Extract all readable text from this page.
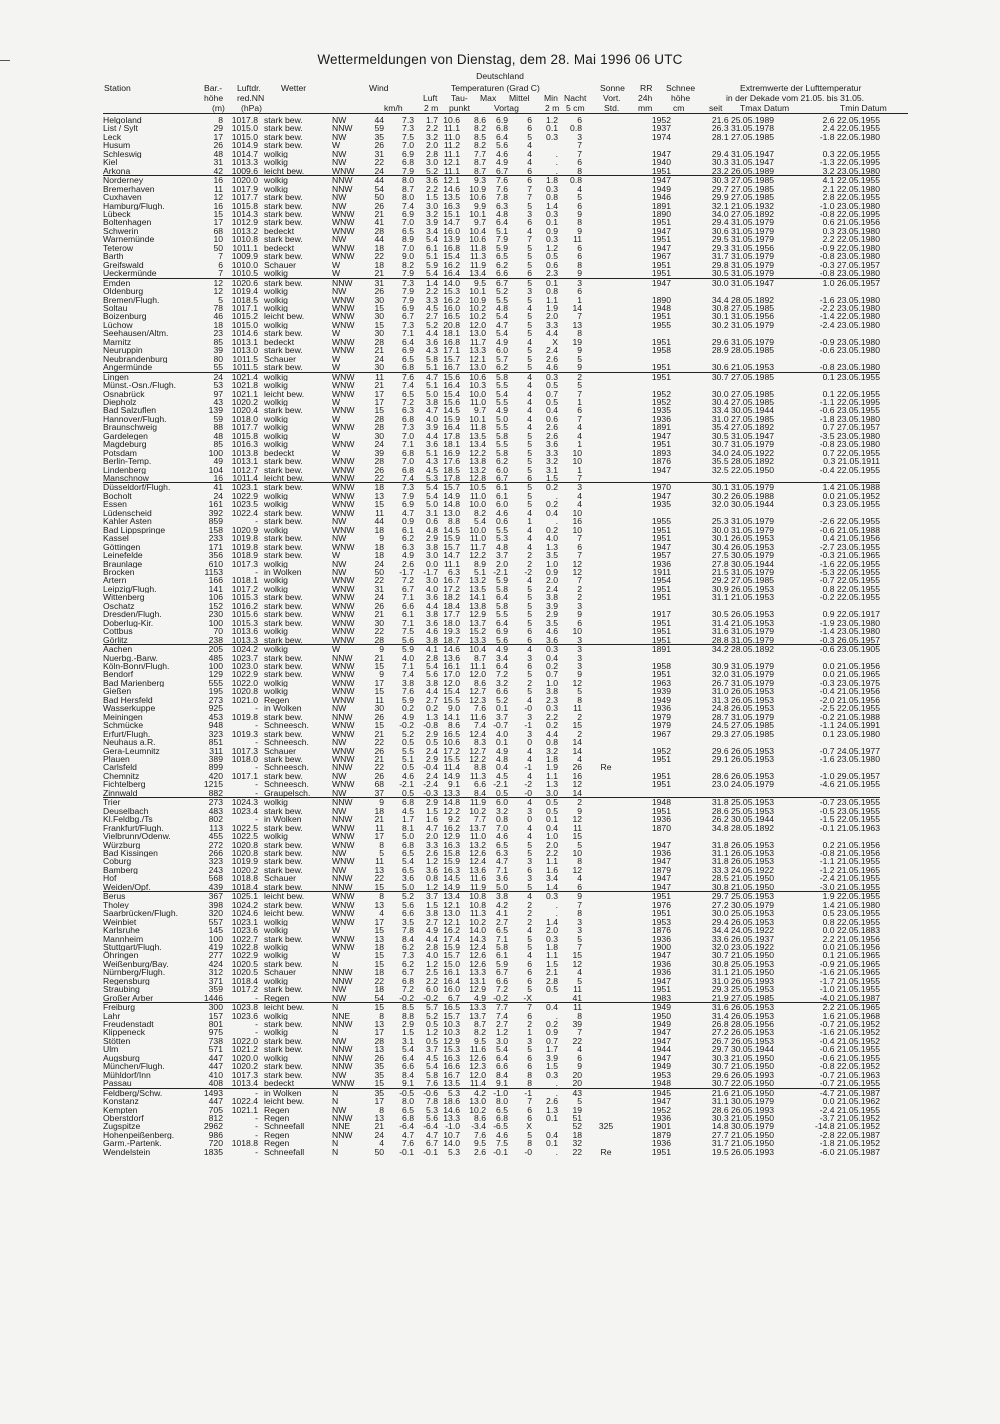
Wettermeldungen von Dienstag, dem 28. Mai 1996 06 UTC
Deutschland
Station	Bar.-
höhe
(m)
Luftdr.
red.NN
(hPa)
Wetter	Wind
km/h
Temperaturen (Grad C)
Luft
2 m
Tau-
punkt
Max Mittel
Vortag
Min
2 m
Nacht
5 cm
Sonne
Vort.
Std.
RR
24h
mm
Schnee
höhe
cm
Extremwerte der Lufttemperatur
in der Dekade vom 21.05. bis 31.05.
seit Tmax Datum	Tmin Datum
Helgoland	8	1017.8	stark bew.	NW	44	7.3	1.7	10.6	8.6	6.9	6	1.2	6		1952	21.6 25.05.1989	2.6 22.05.1955
List / Sylt	29	1015.0	stark bew.	NNW	59	7.3	2.2	11.1	8.2	6.8	6	0.1	0.8		1937	26.3 31.05.1978	2.4 22.05.1955
Leck	17	1015.0	stark bew.	NW	35	7.5	3.2	11.0	8.5	6.4	5	0.3	3		1974	28.1 27.05.1985	-1.8 22.05.1980
Husum	26	1014.9	stark bew.	W	26	7.0	2.0	11.2	8.2	5.6	4		7				
Schleswig	48	1014.7	wolkig	NW	31	6.9	2.8	11.1	7.7	4.6	4	.	7		1947	29.4 31.05.1947	0.3 22.05.1955
Kiel	31	1013.3	wolkig	NW	22	6.8	3.0	12.1	8.7	4.9	4	.	6		1940	30.3 31.05.1947	-1.3 22.05.1995
Arkona	42	1009.6	leicht bew.	WNW	24	7.9	5.2	11.1	8.7	6.7	6	.	8		1951	23.2 26.05.1989	3.2 23.05.1980
Norderney	16	1020.0	wolkig	NNW	44	8.0	3.6	12.1	9.3	7.6	6	1.8	0.8		1947	30.3 27.05.1985	4.1 22.05.1955
Bremerhaven	11	1017.9	wolkig	NNW	54	8.7	2.2	14.6	10.9	7.6	7	0.3	4		1949	29.7 27.05.1985	2.1 22.05.1980
Cuxhaven	12	1017.7	stark bew.	NW	50	8.0	1.5	13.5	10.6	7.8	7	0.8	5		1946	29.9 27.05.1985	2.8 22.05.1955
Hamburg/Flugh.	16	1015.8	stark bew.	NW	26	7.4	3.0	16.3	9.9	6.3	5	1.4	6		1891	32.1 21.05.1932	-1.0 23.05.1980
Lübeck	15	1014.3	stark bew.	WNW	21	6.9	3.2	15.1	10.1	4.8	3	0.3	9		1890	34.0 27.05.1892	-0.8 22.05.1995
Boltenhagen	17	1012.9	stark bew.	WNW	41	7.0	3.9	14.7	9.7	6.4	6	0.1	8		1951	29.4 31.05.1979	0.6 21.05.1956
Schwerin	68	1013.2	bedeckt	WNW	28	6.5	3.4	16.0	10.4	5.1	4	0.9	9		1947	30.6 31.05.1979	0.3 23.05.1980
Warnemünde	10	1010.8	stark bew.	NW	44	8.9	5.4	13.9	10.6	7.9	7	0.3	11		1951	29.5 31.05.1979	2.2 22.05.1980
Teterow	50	1011.1	bedeckt	WNW	18	7.0	6.1	16.8	11.8	5.9	5	1.2	6		1947	29.3 31.05.1956	-0.9 22.05.1980
Barth	7	1009.9	stark bew.	WNW	22	9.0	5.1	15.4	11.3	6.5	5	0.5	6		1967	31.7 31.05.1979	-0.8 23.05.1980
Greifswald	6	1010.0	Schauer	W	18	8.2	5.9	16.2	11.9	6.2	5	0.6	8		1951	29.8 31.05.1979	-0.3 27.05.1957
Ueckermünde	7	1010.5	wolkig	W	21	7.9	5.4	16.4	13.4	6.6	6	2.3	9		1951	30.5 31.05.1979	-0.8 23.05.1980
Emden	12	1020.6	stark bew.	NNW	31	7.3	1.4	14.0	9.5	6.7	5	0.1	3		1947	30.0 31.05.1947	1.0 26.05.1957
Oldenburg	12	1019.4	wolkig	NW	26	7.9	2.2	15.3	10.1	5.2	3	0.8	6				
Bremen/Flugh.	5	1018.5	wolkig	WNW	30	7.9	3.3	16.2	10.9	5.5	5	1.1	1		1890	34.4 28.05.1892	-1.6 23.05.1980
Soltau	78	1017.1	wolkig	WNW	15	6.9	4.5	16.0	10.2	4.8	4	1.9	14		1948	30.8 27.05.1985	-2.2 23.05.1980
Boizenburg	46	1015.2	leicht bew.	WNW	30	6.7	2.7	16.5	10.2	5.4	5	2.0	7		1951	30.1 31.05.1956	-1.4 22.05.1980
Lüchow	18	1015.0	wolkig	WNW	15	7.3	5.2	20.8	12.0	4.7	5	3.3	13		1955	30.2 31.05.1979	-2.4 23.05.1980
Seehausen/Altm.	23	1014.6	stark bew.	W	30	7.1	4.4	18.1	13.0	5.4	5	4.4	8				
Marnitz	85	1013.1	bedeckt	WNW	28	6.4	3.6	16.8	11.7	4.9	4	X	19		1951	29.6 31.05.1979	-0.9 23.05.1980
Neuruppin	39	1013.0	stark bew.	WNW	21	6.9	4.3	17.1	13.3	6.0	5	2.4	9		1958	28.9 28.05.1985	-0.6 23.05.1980
Neubrandenburg	80	1011.5	Schauer	W	24	6.5	5.8	15.7	12.1	5.7	5	2.6	5				
Angermünde	55	1011.5	stark bew.	W	30	6.8	5.1	16.7	13.0	6.2	5	4.6	9		1951	30.6 21.05.1953	-0.8 23.05.1980
Lingen	24	1021.4	wolkig	WNW	11	7.6	4.7	15.6	10.6	5.8	4	0.3	2		1951	30.7 27.05.1985	0.1 23.05.1955
Münst.-Osn./Flugh.	53	1021.8	wolkig	WNW	21	7.4	5.1	16.4	10.3	5.5	4	0.5	5				
Osnabrück	97	1021.1	leicht bew.	WNW	17	6.5	5.0	15.4	10.0	5.4	4	0.7	7		1952	30.0 27.05.1985	0.1 22.05.1955
Diepholz	43	1020.2	wolkig	W	17	7.2	3.8	15.6	11.0	5.5	4	0.5	1		1952	30.4 27.05.1985	-1.1 22.05.1995
Bad Salzuflen	139	1020.4	stark bew.	WNW	15	6.3	4.7	14.5	9.7	4.9	4	0.4	6		1935	33.4 30.05.1944	-0.6 23.05.1955
Hannover/Flugh.	59	1018.0	wolkig	W	28	6.8	4.0	15.9	10.1	5.0	4	0.6	7		1936	31.0 27.05.1985	-1.8 23.05.1980
Braunschweig	88	1017.7	wolkig	WNW	28	7.3	3.9	16.4	11.8	5.5	4	2.6	4		1891	35.4 27.05.1892	0.7 27.05.1957
Gardelegen	48	1015.8	wolkig	W	30	7.0	4.4	17.8	13.5	5.8	5	2.6	4		1947	30.5 31.05.1947	-3.5 23.05.1980
Magdeburg	85	1016.3	wolkig	WNW	24	7.1	3.6	18.1	13.4	5.5	5	3.6	1		1951	30.7 31.05.1979	-0.8 23.05.1980
Potsdam	100	1013.8	bedeckt	W	39	6.8	5.1	16.9	12.2	5.8	5	3.3	10		1893	34.0 24.05.1922	0.7 22.05.1955
Berlin-Temp.	49	1013.1	stark bew.	WNW	28	7.0	4.3	17.6	13.8	6.2	5	3.2	10		1876	35.5 28.05.1892	0.3 21.05.1911
Lindenberg	104	1012.7	stark bew.	WNW	26	6.8	4.5	18.5	13.2	6.0	5	3.1	1		1947	32.5 22.05.1950	-0.4 22.05.1955
Manschnow	16	1011.4	leicht bew.	WNW	22	7.4	5.3	17.8	12.8	6.7	6	1.5	7				
Düsseldorf/Flugh.	41	1023.1	stark bew.	WNW	18	7.3	5.4	15.7	10.5	6.1	5	0.2	3		1970	30.1 31.05.1979	1.4 21.05.1988
Bocholt	24	1022.9	wolkig	WNW	13	7.9	5.4	14.9	11.0	6.1	5	.	4		1947	30.2 26.05.1988	0.0 21.05.1952
Essen	161	1023.5	wolkig	WNW	15	6.9	5.0	14.8	10.0	6.0	5	0.2	4		1935	32.0 30.05.1944	0.3 23.05.1955
Lüdenscheid	392	1022.4	stark bew.	WNW	11	4.7	3.1	13.0	8.2	4.6	4	0.4	10				
Kahler Asten	859	-	stark bew.	NW	44	0.9	0.6	8.8	5.4	0.6	1	.	16		1955	25.3 31.05.1979	-2.6 22.05.1955
Bad Lippspringe	158	1020.9	wolkig	WNW	18	6.1	4.8	14.5	10.0	5.5	4	0.2	10		1951	30.0 31.05.1979	-0.6 21.05.1988
Kassel	233	1019.8	stark bew.	NW	9	6.2	2.9	15.9	11.0	5.3	4	4.0	7		1951	30.1 26.05.1953	0.4 21.05.1956
Göttingen	171	1019.8	stark bew.	WNW	18	6.3	3.8	15.7	11.7	4.8	4	1.3	6		1947	30.4 26.05.1953	-2.7 23.05.1955
Leinefelde	356	1018.9	stark bew.	W	18	4.9	3.0	14.7	12.2	3.7	2	3.5	7		1957	27.5 30.05.1979	-0.3 21.05.1965
Braunlage	610	1017.3	wolkig	NW	24	2.6	0.0	11.1	8.9	2.0	2	1.0	12		1936	27.8 30.05.1944	-1.6 22.05.1955
Brocken	1153	-	in Wolken	NW	50	-1.7	-1.7	6.3	5.1	-2.1	-2	0.9	12		1911	21.5 31.05.1979	-5.3 22.05.1955
Artern	166	1018.1	wolkig	WNW	22	7.2	3.0	16.7	13.2	5.9	4	2.0	7		1954	29.2 27.05.1985	-0.7 22.05.1955
Leipzig/Flugh.	141	1017.2	wolkig	WNW	31	6.7	4.0	17.2	13.5	5.8	5	2.4	2		1951	30.9 26.05.1953	0.8 22.05.1955
Wittenberg	106	1015.3	stark bew.	WNW	24	7.1	3.6	18.2	14.1	6.4	5	3.8	2		1951	31.1 21.05.1953	-0.2 22.05.1955
Oschatz	152	1016.2	stark bew.	WNW	26	6.6	4.4	18.4	13.8	5.8	5	3.9	3				
Dresden/Flugh.	230	1015.6	stark bew.	WNW	21	6.1	3.8	17.7	12.9	5.5	5	2.9	9		1917	30.5 26.05.1953	0.9 22.05.1917
Doberlug-Kir.	100	1015.3	stark bew.	WNW	30	7.1	3.6	18.0	13.7	6.4	5	3.5	6		1951	31.4 21.05.1953	-1.9 23.05.1980
Cottbus	70	1013.6	wolkig	WNW	22	7.5	4.6	19.3	15.2	6.9	6	4.6	10		1951	31.6 31.05.1979	-1.4 23.05.1980
Görlitz	238	1013.3	stark bew.	WNW	28	5.6	3.8	18.7	13.3	5.6	6	3.6	3		1951	28.8 31.05.1979	-0.3 26.05.1957
Aachen	205	1024.2	wolkig	W	9	5.9	4.1	14.6	10.4	4.9	4	0.3	3		1891	34.2 28.05.1892	-0.6 23.05.1905
Nuerbg.-Barw.	485	1023.7	stark bew.	NNW	21	4.0	2.8	13.6	8.7	3.4	3	0.4	3				
Köln-Bonn/Flugh.	100	1023.0	stark bew.	WNW	15	7.1	5.4	16.1	11.1	6.4	6	0.2	3		1958	30.9 31.05.1979	0.0 21.05.1956
Bendorf	129	1022.9	stark bew.	WNW	9	7.4	5.6	17.0	12.0	7.2	5	0.7	9		1951	32.0 31.05.1979	0.0 21.05.1965
Bad Marienberg	555	1022.0	wolkig	WNW	17	3.8	3.8	12.0	8.6	3.2	2	1.0	12		1963	26.7 31.05.1979	-0.3 23.05.1975
Gießen	195	1020.8	wolkig	WNW	15	7.6	4.4	15.4	12.7	6.6	5	3.8	5		1939	31.0 26.05.1953	-0.4 21.05.1956
Bad Hersfeld	273	1021.0	Regen	WNW	11	5.9	2.7	15.5	12.3	5.2	4	2.3	8		1949	31.3 26.05.1953	-2.0 21.05.1956
Wasserkuppe	925	-	in Wolken	NW	30	0.2	0.2	9.0	7.6	0.1	-0	0.3	11		1936	24.8 26.05.1953	-2.5 22.05.1955
Meiningen	453	1019.8	stark bew.	NNW	26	4.9	1.3	14.1	11.6	3.7	3	2.2	2		1979	28.7 31.05.1979	-0.2 21.05.1988
Schmücke	948	-	Schneesch.	WNW	15	-0.2	-0.8	8.6	7.4	-0.7	-1	0.2	15		1979	24.5 27.05.1985	-1.1 24.05.1991
Erfurt/Flugh.	323	1019.3	stark bew.	WNW	21	5.2	2.9	16.5	12.4	4.0	3	4.4	2		1967	29.3 27.05.1985	0.1 23.05.1980
Neuhaus a.R.	851	-	Schneesch.	NW	22	0.5	0.5	10.6	8.3	0.1	0	0.8	14				
Gera-Leumnitz	311	1017.3	Schauer	WNW	26	5.5	2.4	17.2	12.7	4.9	4	3.2	14		1952	29.6 26.05.1953	-0.7 24.05.1977
Plauen	389	1018.0	stark bew.	WNW	21	5.1	2.9	15.5	12.2	4.8	4	1.8	4		1951	29.1 26.05.1953	-1.6 23.05.1980
Carlsfeld	899	-	Schneesch.	NNW	22	0.5	-0.4	11.4	8.8	0.4	-1	1.9	26	Re			
Chemnitz	420	1017.1	stark bew.	NW	26	4.6	2.4	14.9	11.3	4.5	4	1.1	16		1951	28.6 26.05.1953	-1.0 29.05.1957
Fichtelberg	1215	-	Schneesch.	WNW	68	-2.1	-2.4	9.1	6.6	-2.1	-2	1.3	12		1951	23.0 24.05.1979	-4.6 21.05.1955
Zinnwald	882	-	Graupelsch.	NW	37	0.5	-0.3	13.3	8.4	0.5	-0	3.0	14				
Trier	273	1024.3	wolkig	NNW	9	6.8	2.9	14.8	11.9	6.0	4	0.5	2		1948	31.8 25.05.1953	-0.7 23.05.1955
Deuselbach	483	1023.4	stark bew.	NW	18	4.5	1.5	12.2	10.2	3.2	3	0.5	9		1951	28.6 25.05.1953	-0.5 23.05.1955
Kl.Feldbg./Ts	802	-	in Wolken	NNW	21	1.7	1.6	9.2	7.7	0.8	0	0.1	12		1936	26.2 30.05.1944	-1.5 22.05.1955
Frankfurt/Flugh.	113	1022.5	stark bew.	WNW	11	8.1	4.7	16.2	13.7	7.0	4	0.4	11		1870	34.8 28.05.1892	-0.1 21.05.1963
Vielbrunn/Odenw.	455	1022.5	wolkig	WNW	17	5.0	2.0	12.9	11.0	4.6	4	1.0	15				
Würzburg	272	1020.8	stark bew.	WNW	8	6.8	3.3	16.3	13.2	6.5	5	2.0	5		1947	31.8 26.05.1953	0.2 21.05.1956
Bad Kissingen	266	1020.8	stark bew.	NW	5	6.5	2.6	15.8	12.6	6.3	5	2.2	10		1936	31.1 26.05.1953	-0.8 21.05.1956
Coburg	323	1019.9	stark bew.	WNW	11	5.4	1.2	15.9	12.4	4.7	3	1.1	8		1947	31.8 26.05.1953	-1.1 21.05.1955
Bamberg	243	1020.2	stark bew.	NW	13	6.5	3.6	16.3	13.6	7.1	6	1.6	12		1879	33.3 24.05.1922	-1.2 21.05.1965
Hof	568	1018.8	Schauer	NNW	22	3.6	0.8	14.5	11.6	3.6	3	3.4	4		1947	28.5 21.05.1950	-2.4 21.05.1955
Weiden/Opf.	439	1018.4	stark bew.	NNW	15	5.0	1.2	14.9	11.9	5.0	5	1.4	6		1947	30.8 21.05.1950	-3.0 21.05.1955
Berus	367	1025.1	leicht bew.	WNW	8	5.2	3.7	13.4	10.8	3.8	4	0.3	9		1951	29.7 25.05.1953	1.9 22.05.1955
Tholey	398	1024.2	stark bew.	WNW	13	5.6	1.5	12.1	10.8	4.2	2	.	7		1976	27.2 30.05.1979	1.4 21.05.1980
Saarbrücken/Flugh.	320	1024.6	leicht bew.	WNW	4	6.6	3.8	13.0	11.3	4.1	2	.	8		1951	30.0 25.05.1953	0.5 23.05.1955
Weinbiet	557	1023.1	wolkig	WNW	17	3.5	2.7	12.1	10.2	2.7	2	1.4	3		1953	29.4 26.05.1953	0.8 22.05.1955
Karlsruhe	145	1023.6	wolkig	W	15	7.8	4.9	16.2	14.0	6.5	4	2.0	3		1876	34.4 24.05.1922	0.0 22.05.1883
Mannheim	100	1022.7	stark bew.	WNW	13	8.4	4.4	17.4	14.3	7.1	5	0.3	5		1936	33.6 26.05.1937	2.2 21.05.1956
Stuttgart/Flugh.	419	1022.8	wolkig	WNW	18	6.2	2.8	15.9	12.4	5.8	5	1.8	7		1900	32.0 23.05.1922	0.0 21.05.1956
Öhringen	277	1022.9	wolkig	W	15	7.3	4.0	15.7	12.6	6.1	4	1.1	15		1947	30.7 21.05.1950	0.1 21.05.1965
Weißenburg/Bay.	424	1020.5	stark bew.	N	15	6.2	1.2	15.0	12.6	5.9	6	1.5	12		1936	30.8 25.05.1953	-0.9 21.05.1965
Nürnberg/Flugh.	312	1020.5	Schauer	NNW	18	6.7	2.5	16.1	13.3	6.7	6	2.1	4		1936	31.1 21.05.1950	-1.6 21.05.1965
Regensburg	371	1018.4	wolkig	NNW	22	6.8	2.2	16.4	13.1	6.6	6	2.8	5		1947	31.0 26.05.1993	-1.7 21.05.1955
Straubing	359	1017.2	stark bew.	NW	18	7.2	6.0	16.0	12.9	7.2	5	0.5	11		1951	29.3 25.05.1953	-1.0 21.05.1955
Großer Arber	1446	-	Regen	NW	54	-0.2	-0.2	6.7	4.9	-0.2	-X		41		1983	21.9 27.05.1985	-4.0 21.05.1987
Freiburg	300	1023.8	leicht bew.	N	15	8.5	5.7	16.5	13.3	7.7	7	0.4	11		1949	31.6 26.05.1953	2.2 21.05.1965
Lahr	157	1023.6	wolkig	NNE	8	8.8	5.2	15.7	13.7	7.4	6	.	8		1950	31.4 26.05.1953	1.6 21.05.1968
Freudenstadt	801	-	stark bew.	NNW	13	2.9	0.5	10.3	8.7	2.7	2	0.2	39		1949	26.8 28.05.1956	-0.7 21.05.1952
Klippeneck	975	-	wolkig	N	17	1.5	1.2	10.3	8.2	1.2	1	0.9	7		1947	27.2 26.05.1953	-1.6 21.05.1952
Stötten	738	1022.0	stark bew.	NW	28	3.1	0.5	12.9	9.5	3.0	3	0.7	22		1947	26.7 26.05.1953	-0.4 21.05.1952
Ulm	571	1021.2	stark bew.	NNW	13	5.4	3.7	15.3	11.6	5.4	5	1.7	4		1944	29.7 30.05.1944	-0.6 21.05.1955
Augsburg	447	1020.0	wolkig	NNW	26	6.4	4.5	16.3	12.6	6.4	6	3.9	6		1947	30.3 21.05.1950	-0.6 21.05.1955
München/Flugh.	447	1020.2	stark bew.	NNW	35	6.6	5.4	16.6	12.3	6.6	6	1.5	9		1949	30.7 21.05.1950	-0.8 22.05.1952
Mühldorf/Inn	410	1017.3	stark bew.	NW	35	8.4	5.8	16.7	12.0	8.4	8	0.3	20		1953	29.6 26.05.1993	-0.7 21.05.1963
Passau	408	1013.4	bedeckt	WNW	15	9.1	7.6	13.5	11.4	9.1	8	.	20		1948	30.7 22.05.1950	-0.7 21.05.1955
Feldberg/Schw.	1493	-	in Wolken	N	35	-0.5	-0.6	5.3	4.2	-1.0	-1	.	43		1945	21.6 21.05.1950	-4.7 21.05.1987
Konstanz	447	1022.4	leicht bew.	N	17	8.0	7.8	18.6	13.0	8.0	7	2.6	5		1947	31.1 30.05.1979	0.0 21.05.1962
Kempten	705	1021.1	Regen	NW	8	6.5	5.3	14.6	10.2	6.5	6	1.3	19		1952	28.6 26.05.1993	-2.4 21.05.1955
Oberstdorf	812	-	Regen	NNW	13	6.8	5.6	13.3	8.6	6.8	6	0.1	51		1936	30.3 21.05.1950	-3.7 21.05.1952
Zugspitze	2962	-	Schneefall	NNE	21	-6.4	-6.4	-1.0	-3.4	-6.5	X		52	325	1901	14.8 30.05.1979	-14.8 21.05.1952
Hohenpeißenberg.	986	-	Regen	NNW	24	4.7	4.7	10.7	7.6	4.6	5	0.4	18		1879	27.7 21.05.1950	-2.8 22.05.1987
Garm.-Partenk.	720	1018.8	Regen	N	4	7.6	6.7	14.0	9.5	7.5	8	0.1	32		1936	31.7 21.05.1950	-1.8 21.05.1952
Wendelstein	1835	-	Schneefall	N	50	-0.1	-0.1	5.3	2.6	-0.1	-0	.	22	Re	1951	19.5 26.05.1993	-6.0 21.05.1987
